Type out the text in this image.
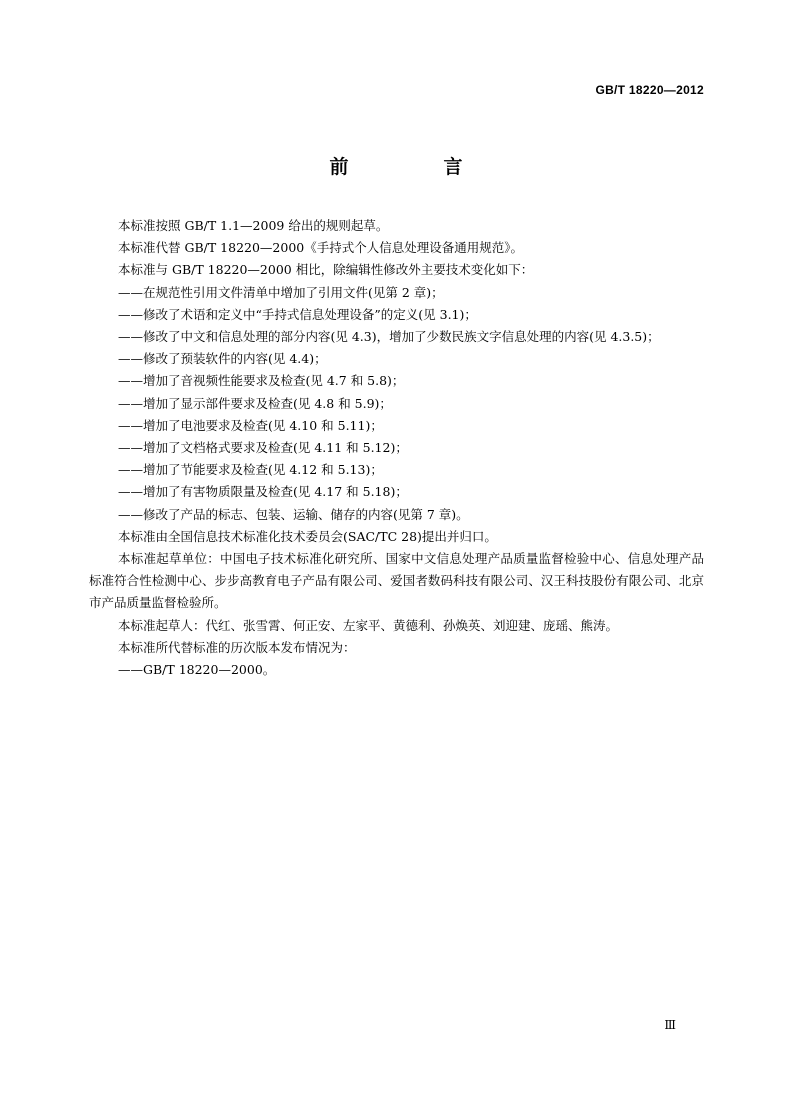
GB/T 18220—2012
前　言

本标准按照 GB/T 1.1—2009 给出的规则起草。

本标准代替 GB/T 18220—2000《手持式个人信息处理设备通用规范》。

本标准与 GB/T 18220—2000 相比，除编辑性修改外主要技术变化如下：

——在规范性引用文件清单中增加了引用文件(见第 2 章)；

——修改了术语和定义中“手持式信息处理设备”的定义(见 3.1)；

——修改了中文和信息处理的部分内容(见 4.3)，增加了少数民族文字信息处理的内容(见 4.3.5)；

——修改了预装软件的内容(见 4.4)；

——增加了音视频性能要求及检查(见 4.7 和 5.8)；

——增加了显示部件要求及检查(见 4.8 和 5.9)；

——增加了电池要求及检查(见 4.10 和 5.11)；

——增加了文档格式要求及检查(见 4.11 和 5.12)；

——增加了节能要求及检查(见 4.12 和 5.13)；

——增加了有害物质限量及检查(见 4.17 和 5.18)；

——修改了产品的标志、包装、运输、储存的内容(见第 7 章)。

本标准由全国信息技术标准化技术委员会(SAC/TC 28)提出并归口。

本标准起草单位：中国电子技术标准化研究所、国家中文信息处理产品质量监督检验中心、信息处理产品标准符合性检测中心、步步高教育电子产品有限公司、爱国者数码科技有限公司、汉王科技股份有限公司、北京市产品质量监督检验所。

本标准起草人：代红、张雪霄、何正安、左家平、黄德利、孙焕英、刘迎建、庞瑶、熊涛。

本标准所代替标准的历次版本发布情况为：

——GB/T 18220—2000。

Ⅲ
